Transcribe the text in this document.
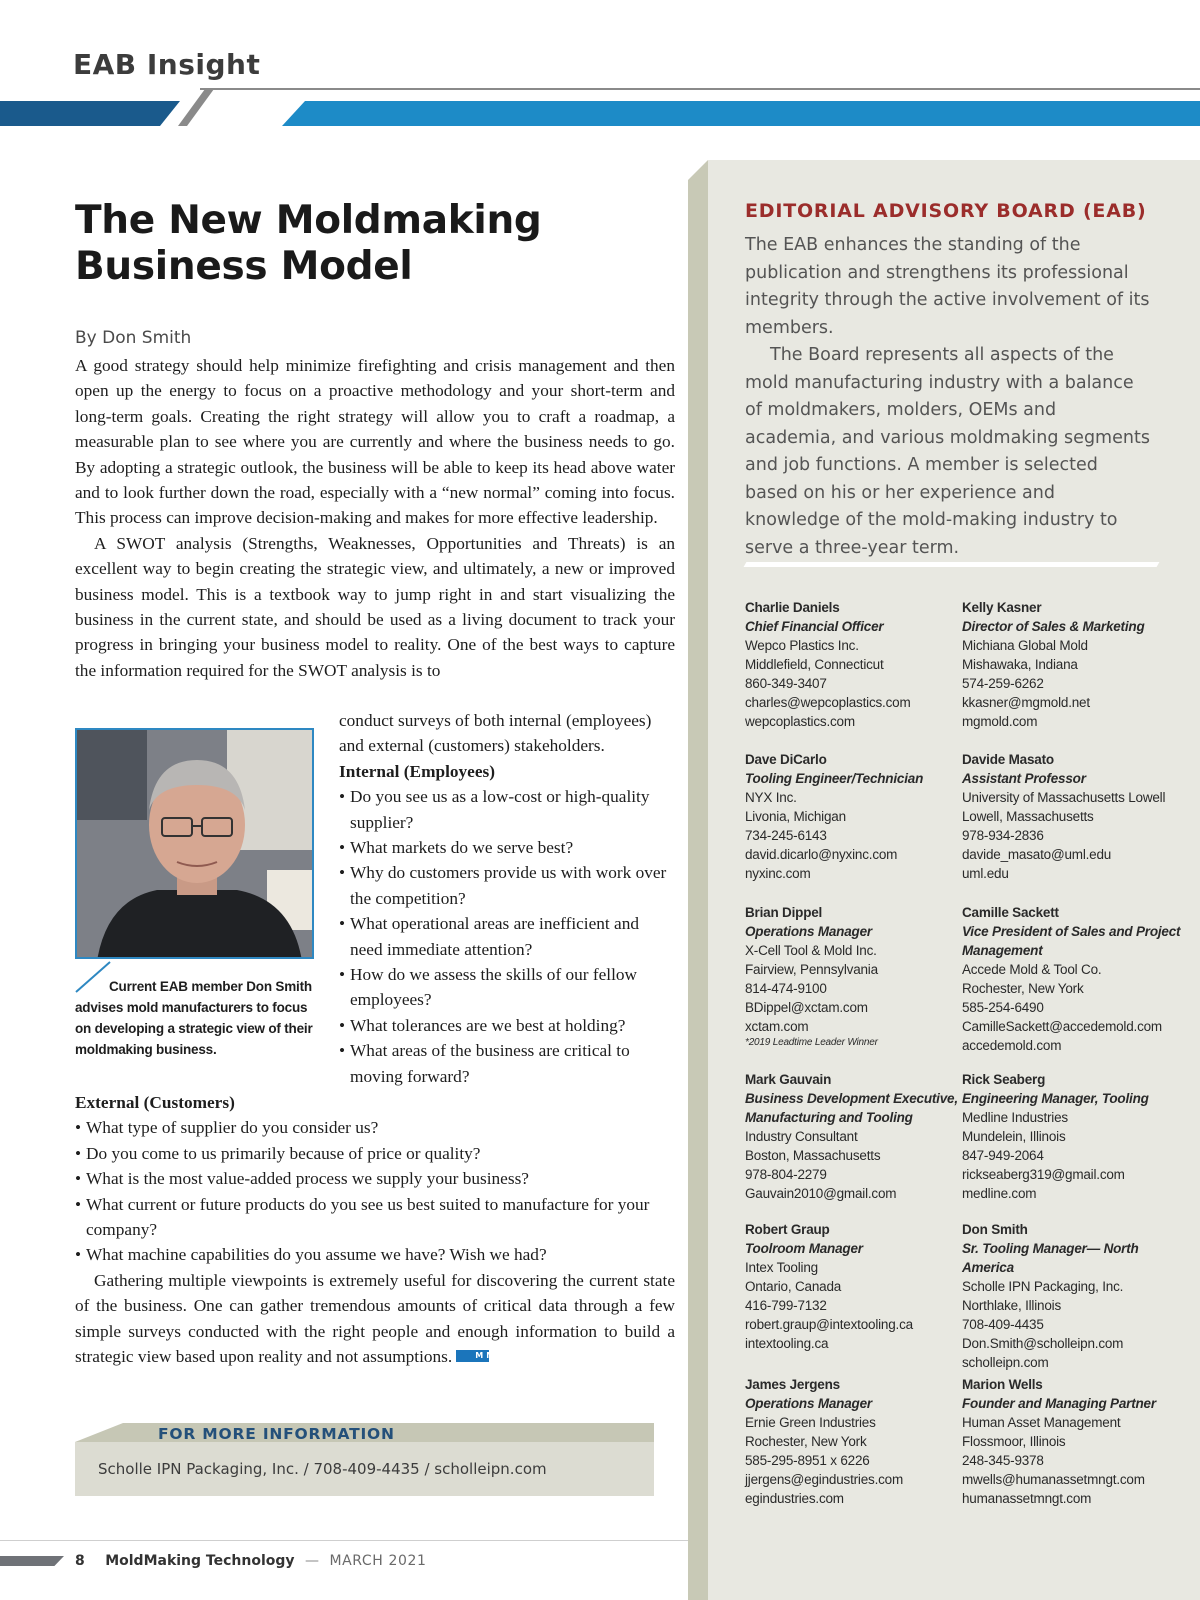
EAB Insight
EDITORIAL ADVISORY BOARD (EAB)

The EAB enhances the standing of the publication and strengthens its professional integrity through the active involvement of its members.

The Board represents all aspects of the mold manufacturing industry with a balance of moldmakers, molders, OEMs and academia, and various moldmaking segments and job functions. A member is selected based on his or her experience and knowledge of the mold-making industry to serve a three-year term.

Charlie Daniels
Chief Financial Officer
Wepco Plastics Inc.
Middlefield, Connecticut
860-349-3407
charles@wepcoplastics.com
wepcoplastics.com
Kelly Kasner
Director of Sales & Marketing
Michiana Global Mold
Mishawaka, Indiana
574-259-6262
kkasner@mgmold.net
mgmold.com
Dave DiCarlo
Tooling Engineer/Technician
NYX Inc.
Livonia, Michigan
734-245-6143
david.dicarlo@nyxinc.com
nyxinc.com
Davide Masato
Assistant Professor
University of Massachusetts Lowell
Lowell, Massachusetts
978-934-2836
davide_masato@uml.edu
uml.edu
Brian Dippel
Operations Manager
X-Cell Tool & Mold Inc.
Fairview, Pennsylvania
814-474-9100
BDippel@xctam.com
xctam.com
*2019 Leadtime Leader Winner
Camille Sackett
Vice President of Sales and Project Management
Accede Mold & Tool Co.
Rochester, New York
585-254-6490
CamilleSackett@accedemold.com
accedemold.com
Mark Gauvain
Business Development Executive, Manufacturing and Tooling
Industry Consultant
Boston, Massachusetts
978-804-2279
Gauvain2010@gmail.com
Rick Seaberg
Engineering Manager, Tooling
Medline Industries
Mundelein, Illinois
847-949-2064
rickseaberg319@gmail.com
medline.com
Robert Graup
Toolroom Manager
Intex Tooling
Ontario, Canada
416-799-7132
robert.graup@intextooling.ca
intextooling.ca
Don Smith
Sr. Tooling Manager— North America
Scholle IPN Packaging, Inc.
Northlake, Illinois
708-409-4435
Don.Smith@scholleipn.com
scholleipn.com
James Jergens
Operations Manager
Ernie Green Industries
Rochester, New York
585-295-8951 x 6226
jjergens@egindustries.com
egindustries.com
Marion Wells
Founder and Managing Partner
Human Asset Management
Flossmoor, Illinois
248-345-9378
mwells@humanassetmngt.com
humanassetmngt.com
The New Moldmaking
Business Model
By Don Smith

A good strategy should help minimize firefighting and crisis management and then open up the energy to focus on a proactive methodology and your short-term and long-term goals. Creating the right strategy will allow you to craft a roadmap, a measurable plan to see where you are currently and where the business needs to go. By adopting a strategic outlook, the business will be able to keep its head above water and to look further down the road, especially with a “new normal” coming into focus. This process can improve decision-making and makes for more effective leadership.

A SWOT analysis (Strengths, Weaknesses, Opportunities and Threats) is an excellent way to begin creating the strategic view, and ultimately, a new or improved business model. This is a textbook way to jump right in and start visualizing the business in the current state, and should be used as a living document to track your progress in bringing your business model to reality. One of the best ways to capture the information required for the SWOT analysis is to

Current EAB member Don Smith advises mold manufacturers to focus on developing a strategic view of their moldmaking business.

conduct surveys of both internal (employees) and external (customers) stakeholders.

Internal (Employees)

• Do you see us as a low-cost or high-quality supplier?
• What markets do we serve best?
• Why do customers provide us with work over the competition?
• What operational areas are inefficient and need immediate attention?
• How do we assess the skills of our fellow employees?
• What tolerances are we best at holding?
• What areas of the business are critical to moving forward?

External (Customers)

• What type of supplier do you consider us?
• Do you come to us primarily because of price or quality?
• What is the most value-added process we supply your business?
• What current or future products do you see us best suited to manufacture for your company?
• What machine capabilities do you assume we have? Wish we had?

Gathering multiple viewpoints is extremely useful for discovering the current state of the business. One can gather tremendous amounts of critical data through a few simple surveys conducted with the right people and enough information to build a strategic view based upon reality and not assumptions.	M M T

FOR MORE INFORMATION
Scholle IPN Packaging, Inc. / 708-409-4435 / scholleipn.com
8 MoldMaking Technology — MARCH 2021
